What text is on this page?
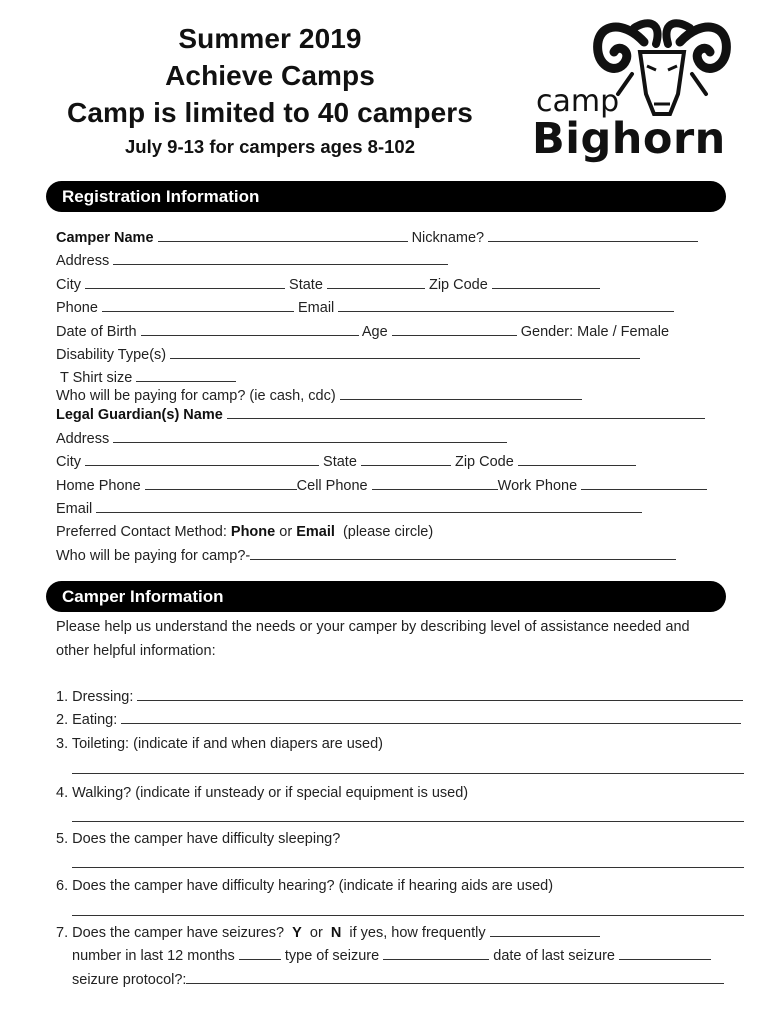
Summer 2019
Achieve Camps
Camp is limited to 40 campers
July 9-13 for campers ages 8-102
camp
Bighorn
Registration Information
Camper Name	Nickname?
Address
City	State	Zip Code
Phone	Email
Date of Birth	Age	Gender: Male / Female
Disability Type(s)
T Shirt size
Who will be paying for camp? (ie cash, cdc)
Legal Guardian(s) Name
Address
City	State	Zip Code
Home Phone	Cell Phone	Work Phone
Email
Preferred Contact Method: Phone or Email (please circle)
Who will be paying for camp?-
Camper Information
Please help us understand the needs or your camper by describing level of assistance needed and
other helpful information:
1. Dressing:
2. Eating:
3. Toileting: (indicate if and when diapers are used)
4. Walking? (indicate if unsteady or if special equipment is used)
5. Does the camper have difficulty sleeping?
6. Does the camper have difficulty hearing? (indicate if hearing aids are used)
7. Does the camper have seizures? Y or N if yes, how frequently
number in last 12 months	type of seizure	date of last seizure
seizure protocol?:
